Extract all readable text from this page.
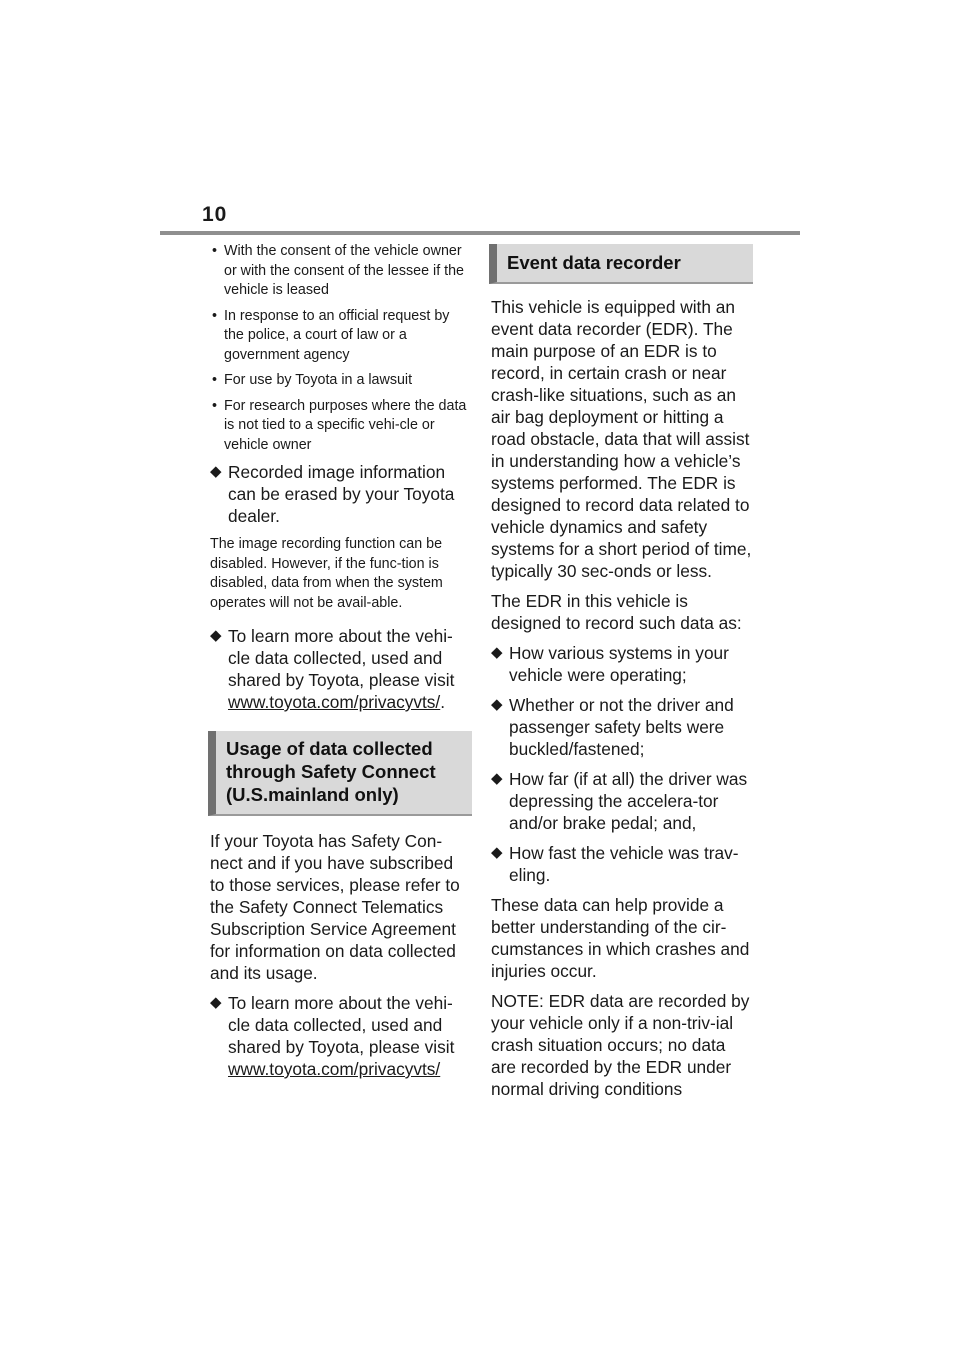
10
• With the consent of the vehicle owner or with the consent of the lessee if the vehicle is leased
• In response to an official request by the police, a court of law or a government agency
• For use by Toyota in a lawsuit
• For research purposes where the data is not tied to a specific vehi-cle or vehicle owner
◆ Recorded image information can be erased by your Toyota dealer.
The image recording function can be disabled. However, if the func-tion is disabled, data from when the system operates will not be avail-able.
◆ To learn more about the vehi-cle data collected, used and shared by Toyota, please visit www.toyota.com/privacyvts/.
Usage of data collected through Safety Connect (U.S.mainland only)
If your Toyota has Safety Con-nect and if you have subscribed to those services, please refer to the Safety Connect Telematics Subscription Service Agreement for information on data collected and its usage.
◆ To learn more about the vehi-cle data collected, used and shared by Toyota, please visit www.toyota.com/privacyvts/
Event data recorder
This vehicle is equipped with an event data recorder (EDR). The main purpose of an EDR is to record, in certain crash or near crash-like situations, such as an air bag deployment or hitting a road obstacle, data that will assist in understanding how a vehicle’s systems performed. The EDR is designed to record data related to vehicle dynamics and safety systems for a short period of time, typically 30 sec-onds or less.
The EDR in this vehicle is designed to record such data as:
◆ How various systems in your vehicle were operating;
◆ Whether or not the driver and passenger safety belts were buckled/fastened;
◆ How far (if at all) the driver was depressing the accelera-tor and/or brake pedal; and,
◆ How fast the vehicle was trav-eling.
These data can help provide a better understanding of the cir-cumstances in which crashes and injuries occur.
NOTE: EDR data are recorded by your vehicle only if a non-triv-ial crash situation occurs; no data are recorded by the EDR under normal driving conditions
